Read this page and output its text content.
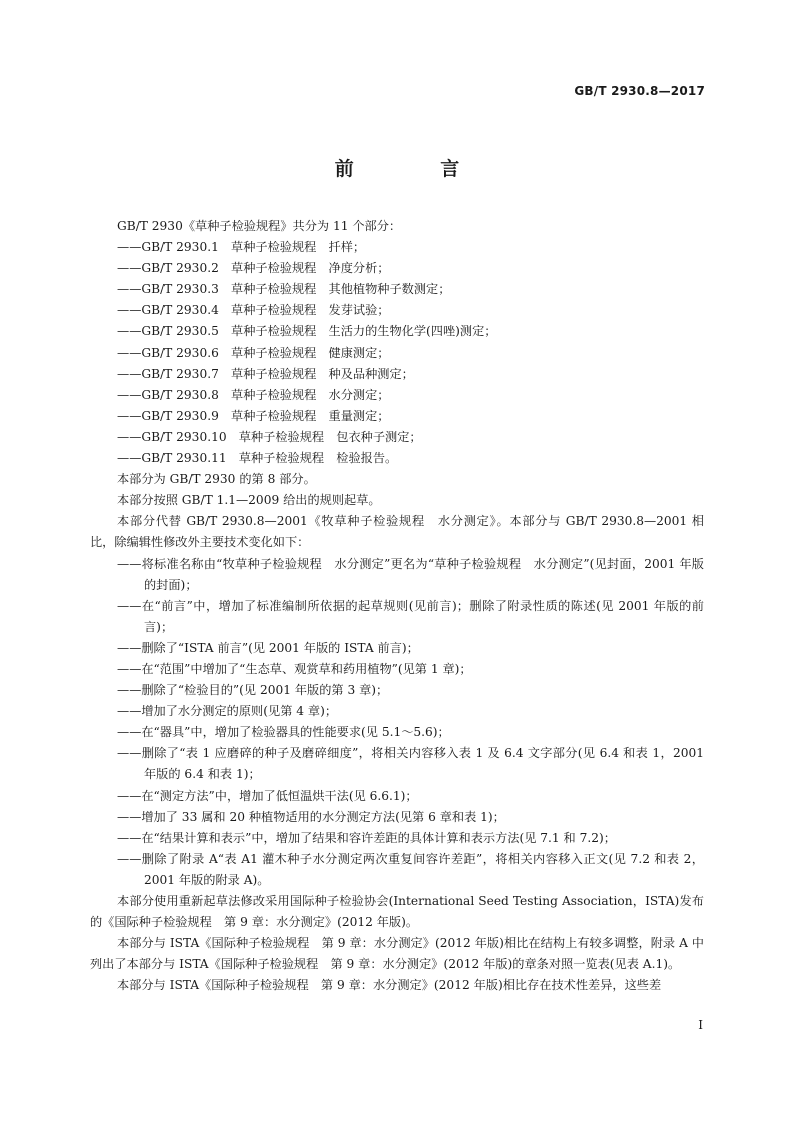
GB/T 2930.8—2017
前 言
GB/T 2930《草种子检验规程》共分为 11 个部分：
——GB/T 2930.1　草种子检验规程　扦样；
——GB/T 2930.2　草种子检验规程　净度分析；
——GB/T 2930.3　草种子检验规程　其他植物种子数测定；
——GB/T 2930.4　草种子检验规程　发芽试验；
——GB/T 2930.5　草种子检验规程　生活力的生物化学(四唑)测定；
——GB/T 2930.6　草种子检验规程　健康测定；
——GB/T 2930.7　草种子检验规程　种及品种测定；
——GB/T 2930.8　草种子检验规程　水分测定；
——GB/T 2930.9　草种子检验规程　重量测定；
——GB/T 2930.10　草种子检验规程　包衣种子测定；
——GB/T 2930.11　草种子检验规程　检验报告。
本部分为 GB/T 2930 的第 8 部分。
本部分按照 GB/T 1.1—2009 给出的规则起草。
本部分代替 GB/T 2930.8—2001《牧草种子检验规程　水分测定》。本部分与 GB/T 2930.8—2001 相比，除编辑性修改外主要技术变化如下：
——将标准名称由“牧草种子检验规程　水分测定”更名为“草种子检验规程　水分测定”(见封面，2001 年版的封面)；
——在“前言”中，增加了标准编制所依据的起草规则(见前言)；删除了附录性质的陈述(见 2001 年版的前言)；
——删除了“ISTA 前言”(见 2001 年版的 ISTA 前言)；
——在“范围”中增加了“生态草、观赏草和药用植物”(见第 1 章)；
——删除了“检验目的”(见 2001 年版的第 3 章)；
——增加了水分测定的原则(见第 4 章)；
——在“器具”中，增加了检验器具的性能要求(见 5.1～5.6)；
——删除了“表 1 应磨碎的种子及磨碎细度”，将相关内容移入表 1 及 6.4 文字部分(见 6.4 和表 1，2001 年版的 6.4 和表 1)；
——在“测定方法”中，增加了低恒温烘干法(见 6.6.1)；
——增加了 33 属和 20 种植物适用的水分测定方法(见第 6 章和表 1)；
——在“结果计算和表示”中，增加了结果和容许差距的具体计算和表示方法(见 7.1 和 7.2)；
——删除了附录 A“表 A1 灌木种子水分测定两次重复间容许差距”，将相关内容移入正文(见 7.2 和表 2，2001 年版的附录 A)。
本部分使用重新起草法修改采用国际种子检验协会(International Seed Testing Association，ISTA)发布的《国际种子检验规程　第 9 章：水分测定》(2012 年版)。
本部分与 ISTA《国际种子检验规程　第 9 章：水分测定》(2012 年版)相比在结构上有较多调整，附录 A 中列出了本部分与 ISTA《国际种子检验规程　第 9 章：水分测定》(2012 年版)的章条对照一览表(见表 A.1)。
本部分与 ISTA《国际种子检验规程　第 9 章：水分测定》(2012 年版)相比存在技术性差异，这些差
I
